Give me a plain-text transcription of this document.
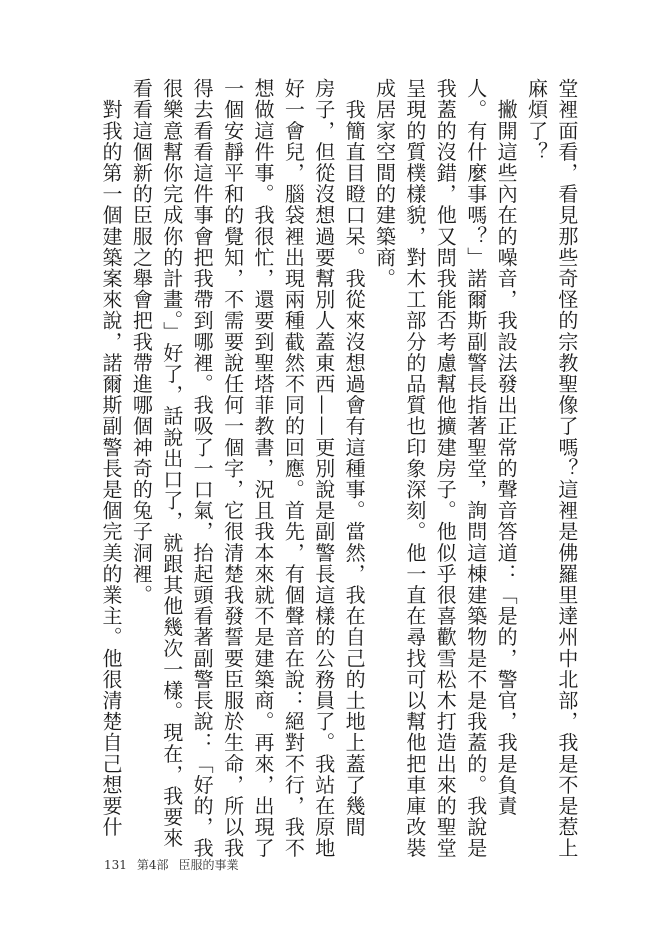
堂裡面看，看見那些奇怪的宗教聖像了嗎？這裡是佛羅里達州中北部，我是不是惹上

麻煩了？

　撇開這些內在的噪音，我設法發出正常的聲音答道：「是的，警官，我是負責

人。有什麼事嗎？」諾爾斯副警長指著聖堂，詢問這棟建築物是不是我蓋的。我說是

我蓋的沒錯，他又問我能否考慮幫他擴建房子。他似乎很喜歡雪松木打造出來的聖堂

呈現的質樸樣貌，對木工部分的品質也印象深刻。他一直在尋找可以幫他把車庫改裝

成居家空間的建築商。

　我簡直目瞪口呆。我從來沒想過會有這種事。當然，我在自己的土地上蓋了幾間

房子，但從沒想過要幫別人蓋東西——更別說是副警長這樣的公務員了。我站在原地

好一會兒，腦袋裡出現兩種截然不同的回應。首先，有個聲音在說：絕對不行，我不

想做這件事。我很忙，還要到聖塔菲教書，況且我本來就不是建築商。再來，出現了

一個安靜平和的覺知，不需要說任何一個字，它很清楚我發誓要臣服於生命，所以我

得去看看這件事會把我帶到哪裡。我吸了一口氣，抬起頭看著副警長說：「好的，我

很樂意幫你完成你的計畫。」好了，話說出口了，就跟其他幾次一樣。現在，我要來

看看這個新的臣服之舉會把我帶進哪個神奇的兔子洞裡。

　對我的第一個建築案來說，諾爾斯副警長是個完美的業主。他很清楚自己想要什

131 第4部 臣服的事業
